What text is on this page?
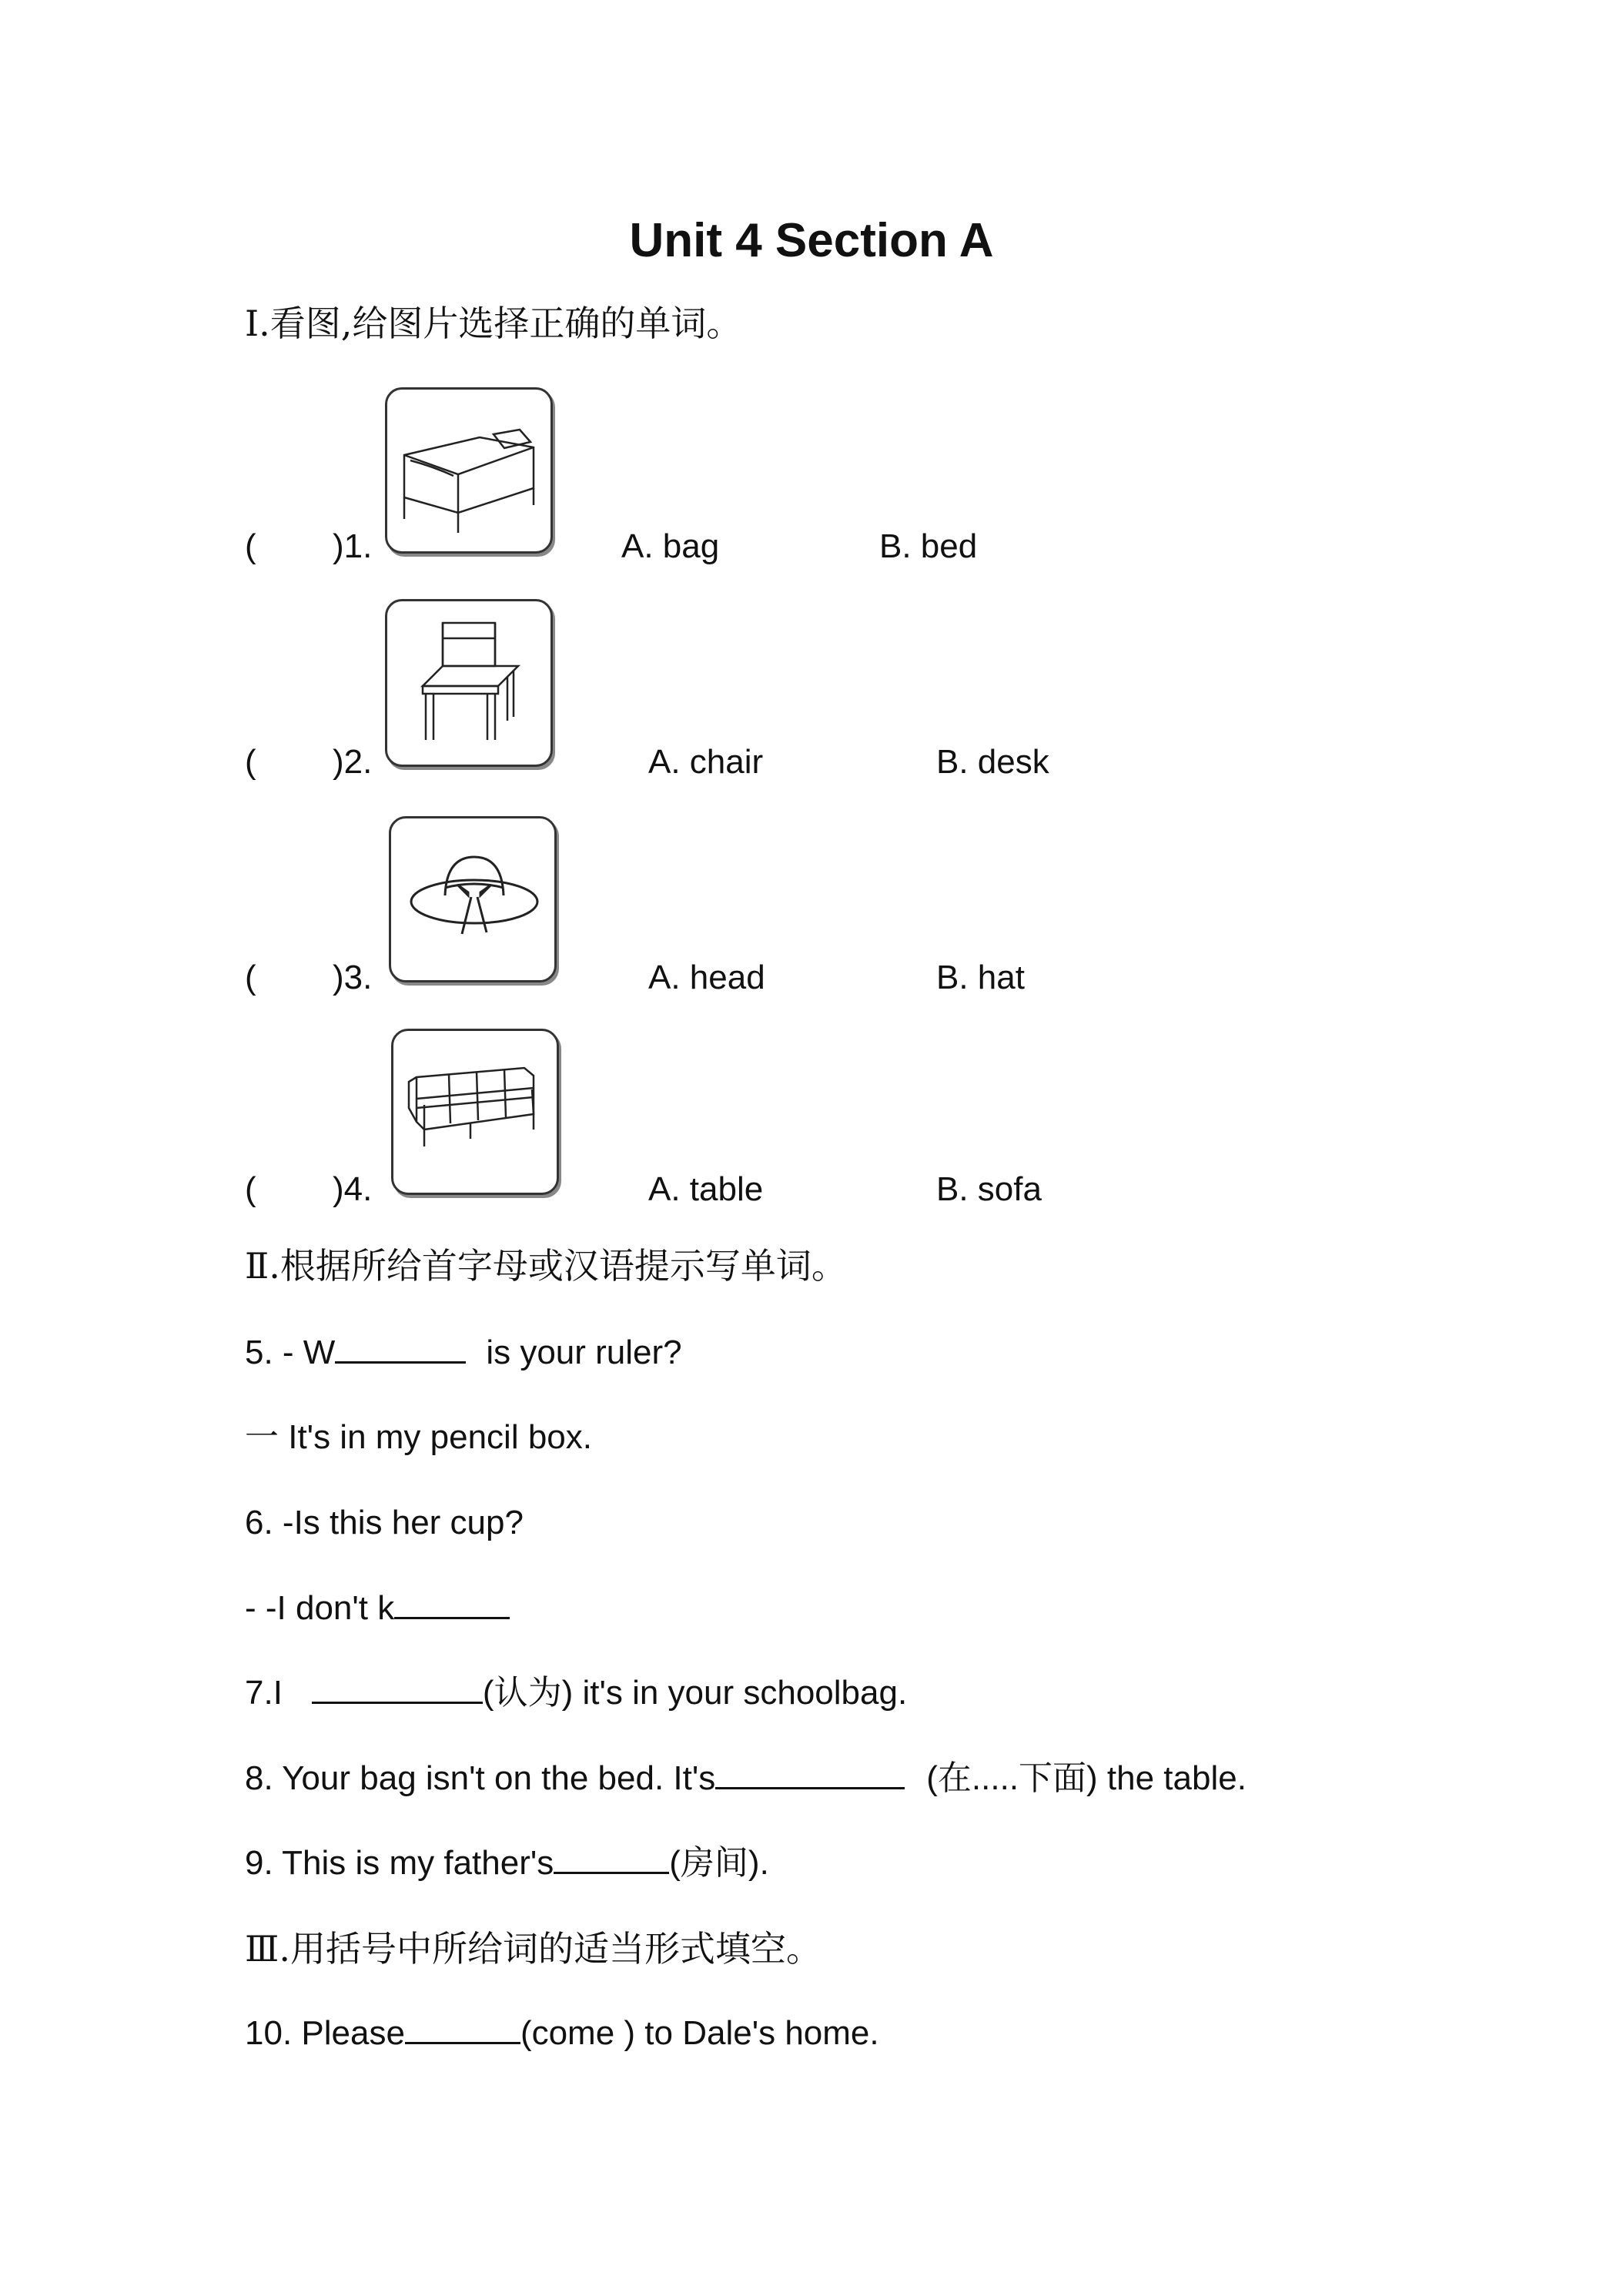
Unit 4 Section A
Ⅰ.看图,给图片选择正确的单词。
( )1.	A. bag	B. bed
( )2.	A. chair	B. desk
( )3.	A. head	B. hat
( )4.	A. table	B. sofa
Ⅱ.根据所给首字母或汉语提示写单词。
5. - W	is your ruler?
一 It's in my pencil box.
6. -Is this her cup?
- -I don't k
7.I	(认为) it's in your schoolbag.
8. Your bag isn't on the bed. It's	(在.....下面) the table.
9. This is my father's	(房间).
Ⅲ.用括号中所给词的适当形式填空。
10. Please	(come ) to Dale's home.
